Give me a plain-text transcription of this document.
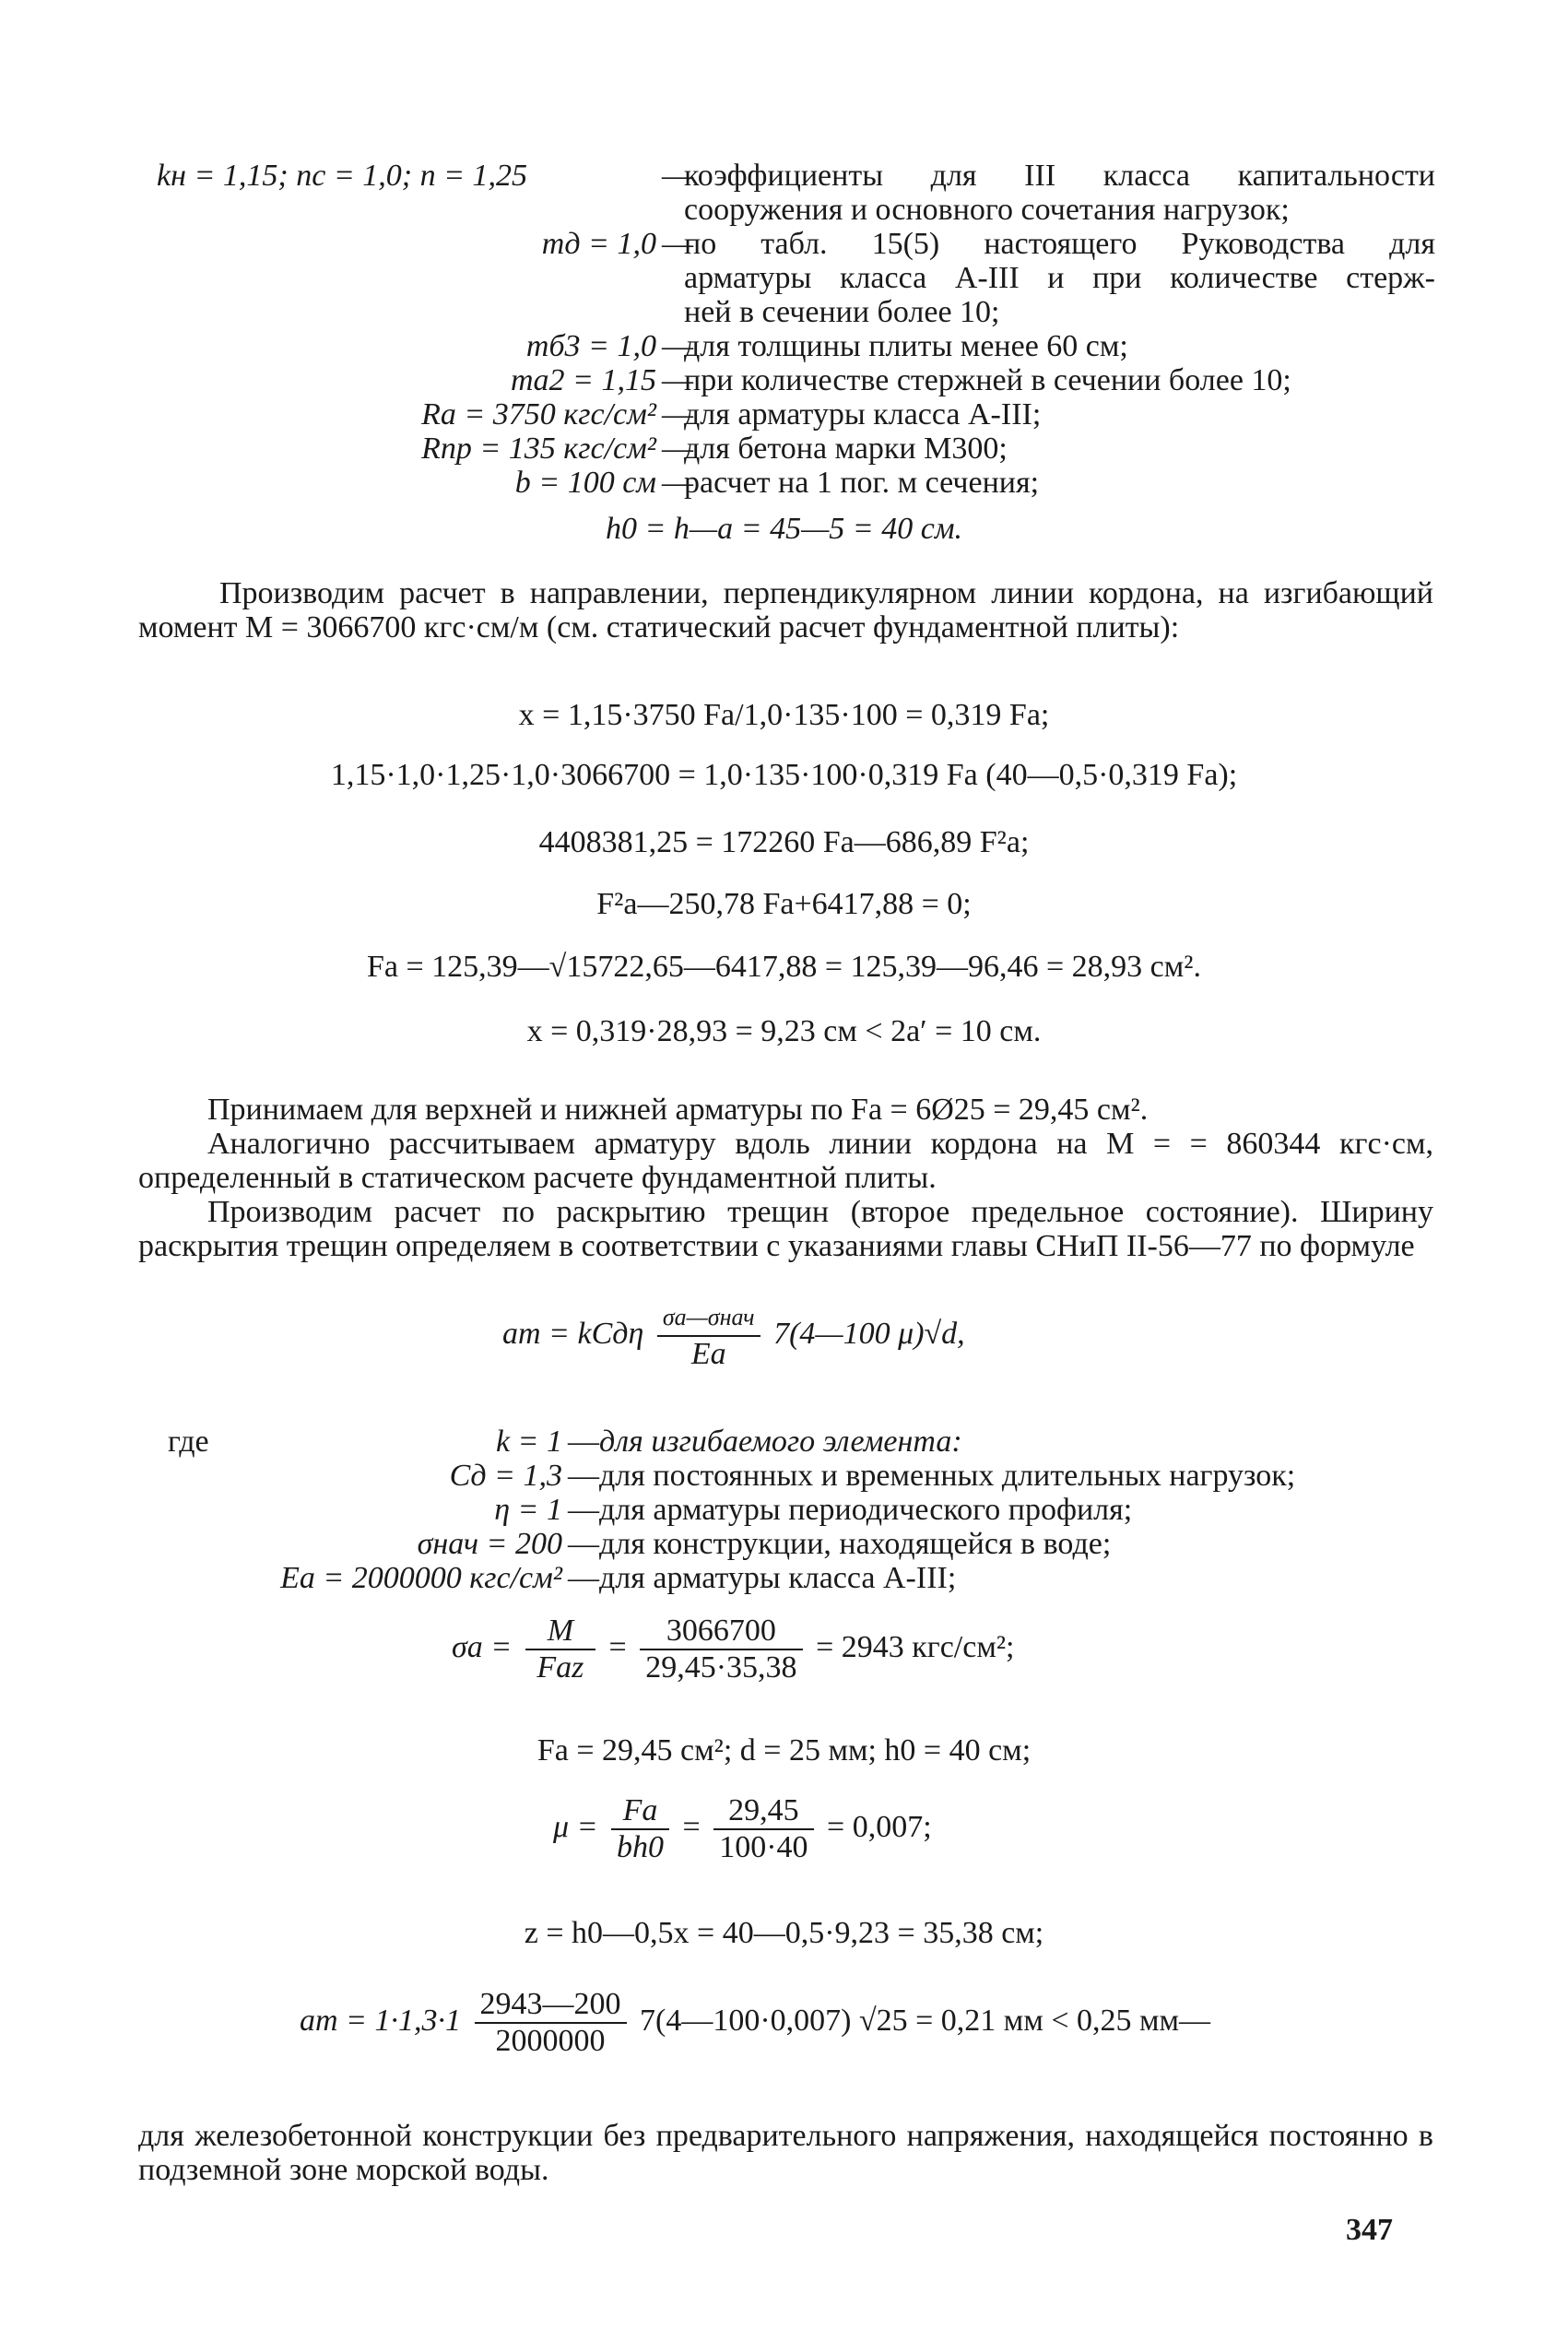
kн = 1,15; nс = 1,0; n = 1,25	—
коэффициенты для III класса капитальности
сооружения и основного сочетания нагрузок;
mд = 1,0 —
по табл. 15(5) настоящего Руководства для
арматуры класса А-III и при количестве стерж-
ней в сечении более 10;
mб3 = 1,0 —
для толщины плиты менее 60 см;
mа2 = 1,15 —
при количестве стержней в сечении более 10;
Rа = 3750 кгс/см² —
для арматуры класса А-III;
Rпр = 135 кгс/см² —
для бетона марки М300;
b = 100 см —
расчет на 1 пог. м сечения;
h0 = h—a = 45—5 = 40 см.
Производим расчет в направлении, перпендикулярном линии кордона, на изгибающий момент M = 3066700 кгс·см/м (см. статический расчет фундаментной плиты):
x = 1,15·3750 Fа/1,0·135·100 = 0,319 Fа;
1,15·1,0·1,25·1,0·3066700 = 1,0·135·100·0,319 Fа (40—0,5·0,319 Fа);
4408381,25 = 172260 Fа—686,89 F²а;
F²а—250,78 Fа+6417,88 = 0;
Fа = 125,39—√15722,65—6417,88 = 125,39—96,46 = 28,93 см².
x = 0,319·28,93 = 9,23 см < 2a′ = 10 см.
Принимаем для верхней и нижней арматуры по Fа = 6Ø25 = 29,45 см².
Аналогично рассчитываем арматуру вдоль линии кордона на M = = 860344 кгс·см, определенный в статическом расчете фундаментной плиты.
Производим расчет по раскрытию трещин (второе предельное состояние). Ширину раскрытия трещин определяем в соответствии с указаниями главы СНиП II-56—77 по формуле
aт = kCдη $\frac{\text{σа—σнач}}{Eа}$ 7(4—100 μ)√d,
где	k = 1 — для изгибаемого элемента:
Cд = 1,3 — для постоянных и временных длительных нагрузок;
η = 1 — для арматуры периодического профиля;
σнач = 200 — для конструкции, находящейся в воде;
Eа = 2000000 кгс/см² — для арматуры класса А-III;
$\sigma а = \frac{M}{\text{Fаz}} = \frac{3066700}{29,45\cdot 35,38} = 2943$ кгс/см²;
Fа = 29,45 см²; d = 25 мм; h0 = 40 см;
$\mu = \frac{Fа}{bh0} = \frac{29,45}{100\cdot 40} = 0,007$;
z = h0—0,5x = 40—0,5·9,23 = 35,38 см;
aт = $1\cdot 1,3\cdot 1 \frac{2943—200}{2000000}$ 7(4—100·0,007) √25 = 0,21 мм < 0,25 мм—
для железобетонной конструкции без предварительного напряжения, находящейся постоянно в подземной зоне морской воды.
347
